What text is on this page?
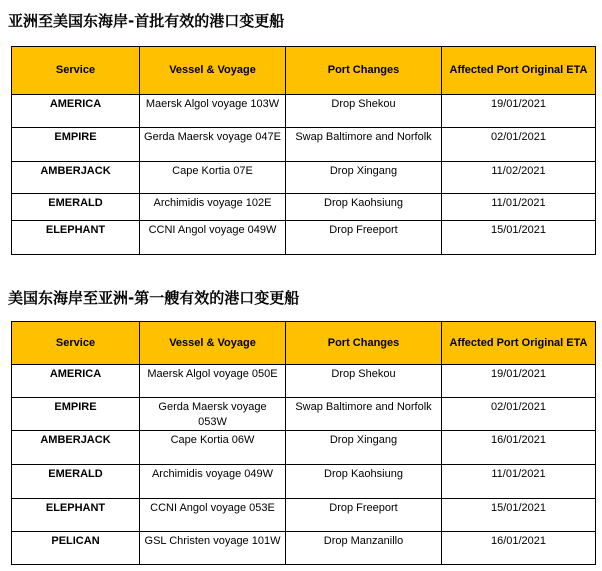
亚洲至美国东海岸-首批有效的港口变更船
Service	Vessel & Voyage	Port Changes	Affected Port Original ETA
AMERICA	Maersk Algol voyage 103W	Drop Shekou	19/01/2021
EMPIRE	Gerda Maersk voyage 047E	Swap Baltimore and Norfolk	02/01/2021
AMBERJACK	Cape Kortia 07E	Drop Xingang	11/02/2021
EMERALD	Archimidis voyage 102E	Drop Kaohsiung	11/01/2021
ELEPHANT	CCNI Angol voyage 049W	Drop Freeport	15/01/2021
美国东海岸至亚洲-第一艘有效的港口变更船
Service	Vessel & Voyage	Port Changes	Affected Port Original ETA
AMERICA	Maersk Algol voyage 050E	Drop Shekou	19/01/2021
EMPIRE	Gerda Maersk voyage 053W	Swap Baltimore and Norfolk	02/01/2021
AMBERJACK	Cape Kortia 06W	Drop Xingang	16/01/2021
EMERALD	Archimidis voyage 049W	Drop Kaohsiung	11/01/2021
ELEPHANT	CCNI Angol voyage 053E	Drop Freeport	15/01/2021
PELICAN	GSL Christen voyage 101W	Drop Manzanillo	16/01/2021
